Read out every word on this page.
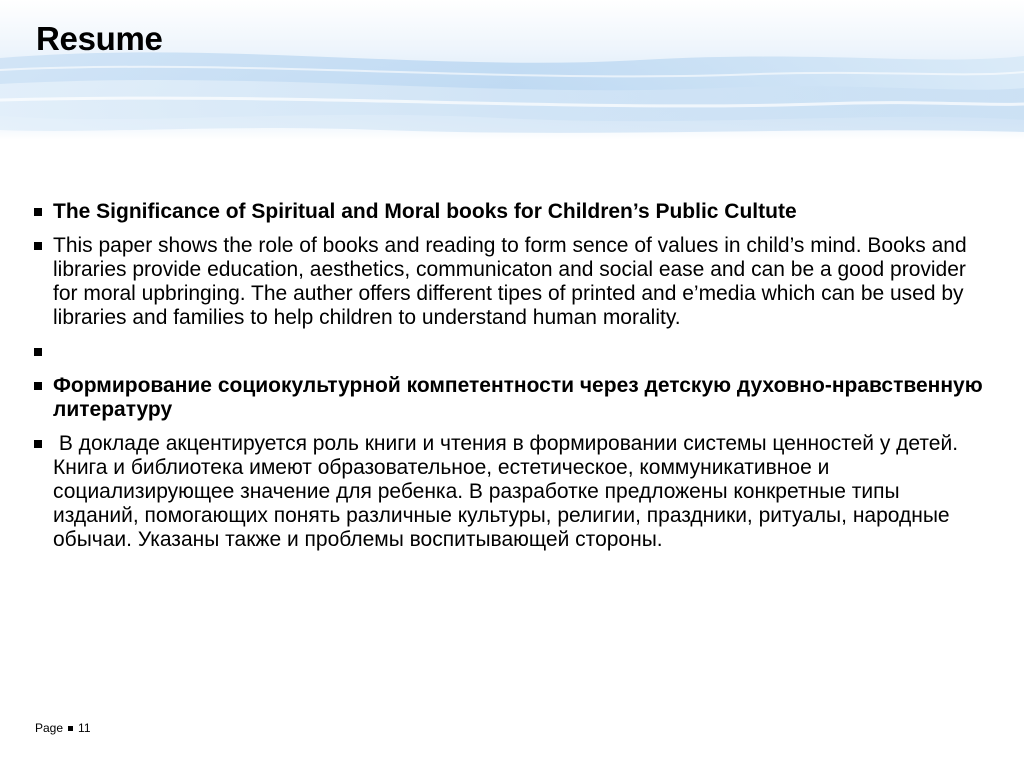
Resume
The Significance of Spiritual and Moral books for Children’s Public Cultute
This paper shows the role of books and reading to form sence of values in child’s mind. Books and libraries provide education, aesthetics, communicaton and social ease and can be a good provider for moral upbringing. The auther offers different tipes of printed and e’media which can be used by libraries and families to help children to understand human morality.
Формирование социокультурной компетентности через детскую духовно-нравственную литературу
В докладе акцентируется роль книги и чтения в формировании системы ценностей у детей. Книга и библиотека имеют образовательное, естетическое, коммуникативное и социализирующее значение для ребенка. В разработке предложены конкретные типы изданий, помогающих понять различные культуры, религии, праздники, ритуалы, народные обычаи. Указаны также и проблемы воспитывающей стороны.
Page 11
